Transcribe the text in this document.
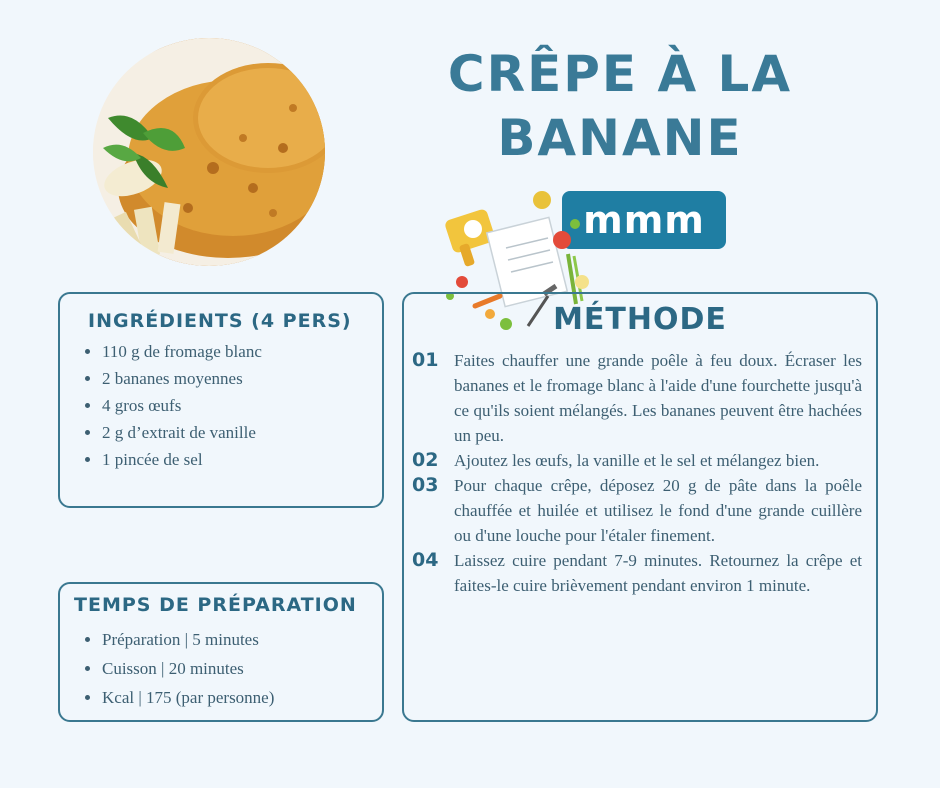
CRÊPE À LA BANANE
mmm
INGRÉDIENTS (4 PERS)
• 110 g de fromage blanc
• 2 bananes moyennes
• 4 gros œufs
• 2 g d’extrait de vanille
• 1 pincée de sel
TEMPS DE PRÉPARATION
• Préparation | 5 minutes
• Cuisson | 20 minutes
• Kcal | 175 (par personne)
MÉTHODE
01 Faites chauffer une grande poêle à feu doux. Écraser les bananes et le fromage blanc à l'aide d'une fourchette jusqu'à ce qu'ils soient mélangés. Les bananes peuvent être hachées un peu.
02 Ajoutez les œufs, la vanille et le sel et mélangez bien.
03 Pour chaque crêpe, déposez 20 g de pâte dans la poêle chauffée et huilée et utilisez le fond d'une grande cuillère ou d'une louche pour l'étaler finement.
04 Laissez cuire pendant 7-9 minutes. Retournez la crêpe et faites-le cuire brièvement pendant environ 1 minute.
